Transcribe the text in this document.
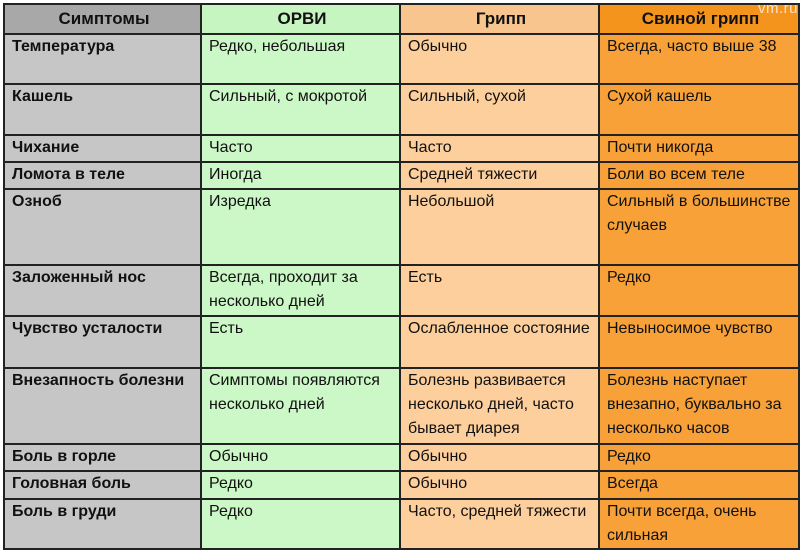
Симптомы	ОРВИ	Грипп	Свиной грипп
Температура	Редко, небольшая	Обычно	Всегда, часто выше 38
Кашель	Сильный, с мокротой	Сильный, сухой	Сухой кашель
Чихание	Часто	Часто	Почти никогда
Ломота в теле	Иногда	Средней тяжести	Боли во всем теле
Озноб	Изредка	Небольшой	Сильный в большинстве случаев
Заложенный нос	Всегда, проходит за несколько дней	Есть	Редко
Чувство усталости	Есть	Ослабленное состояние	Невыносимое чувство
Внезапность болезни	Симптомы появляются несколько дней	Болезнь развивается несколько дней, часто бывает диарея	Болезнь наступает внезапно, буквально за несколько часов
Боль в горле	Обычно	Обычно	Редко
Головная боль	Редко	Обычно	Всегда
Боль в груди	Редко	Часто, средней тяжести	Почти всегда, очень сильная
vm.ru
